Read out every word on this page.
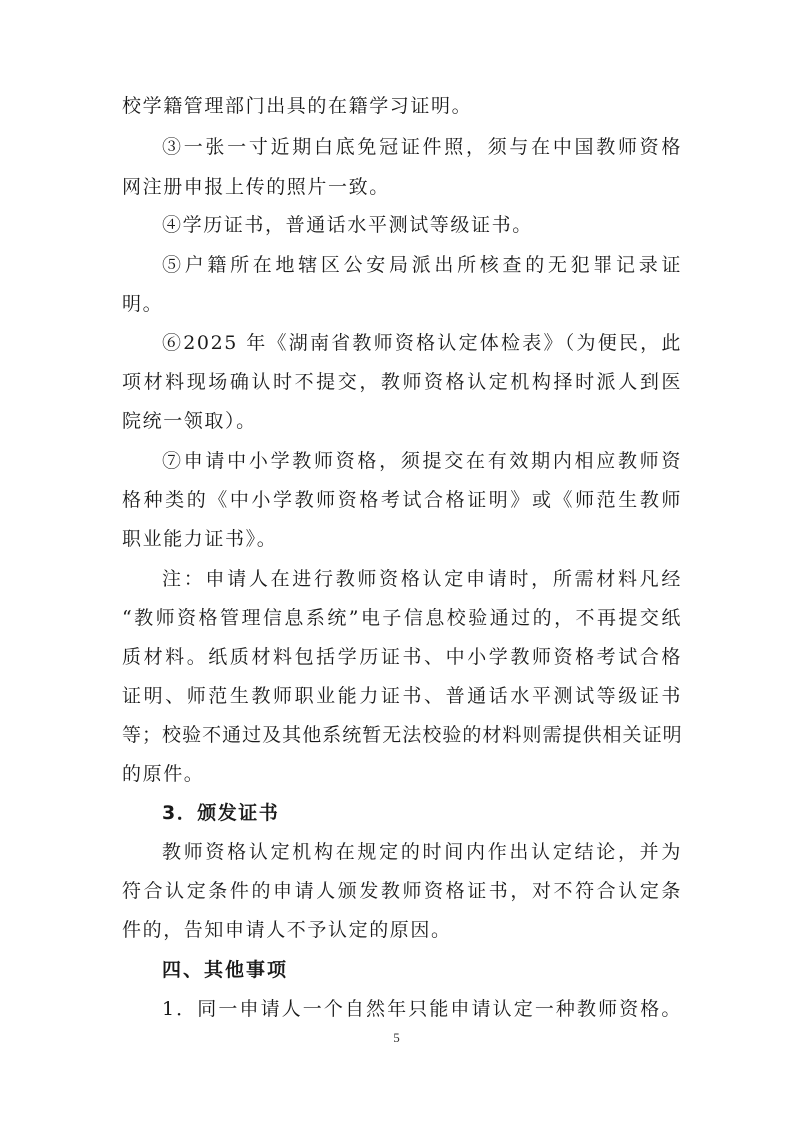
校学籍管理部门出具的在籍学习证明。
③一张一寸近期白底免冠证件照，须与在中国教师资格
网注册申报上传的照片一致。
④学历证书，普通话水平测试等级证书。
⑤户籍所在地辖区公安局派出所核查的无犯罪记录证
明。
⑥2025 年《湖南省教师资格认定体检表》（为便民，此
项材料现场确认时不提交，教师资格认定机构择时派人到医
院统一领取）。
⑦申请中小学教师资格，须提交在有效期内相应教师资
格种类的《中小学教师资格考试合格证明》或《师范生教师
职业能力证书》。
注：申请人在进行教师资格认定申请时，所需材料凡经
“教师资格管理信息系统”电子信息校验通过的，不再提交纸
质材料。纸质材料包括学历证书、中小学教师资格考试合格
证明、师范生教师职业能力证书、普通话水平测试等级证书
等；校验不通过及其他系统暂无法校验的材料则需提供相关证明
的原件。
3．颁发证书
教师资格认定机构在规定的时间内作出认定结论，并为
符合认定条件的申请人颁发教师资格证书，对不符合认定条
件的，告知申请人不予认定的原因。
四、其他事项
1．同一申请人一个自然年只能申请认定一种教师资格。
5
